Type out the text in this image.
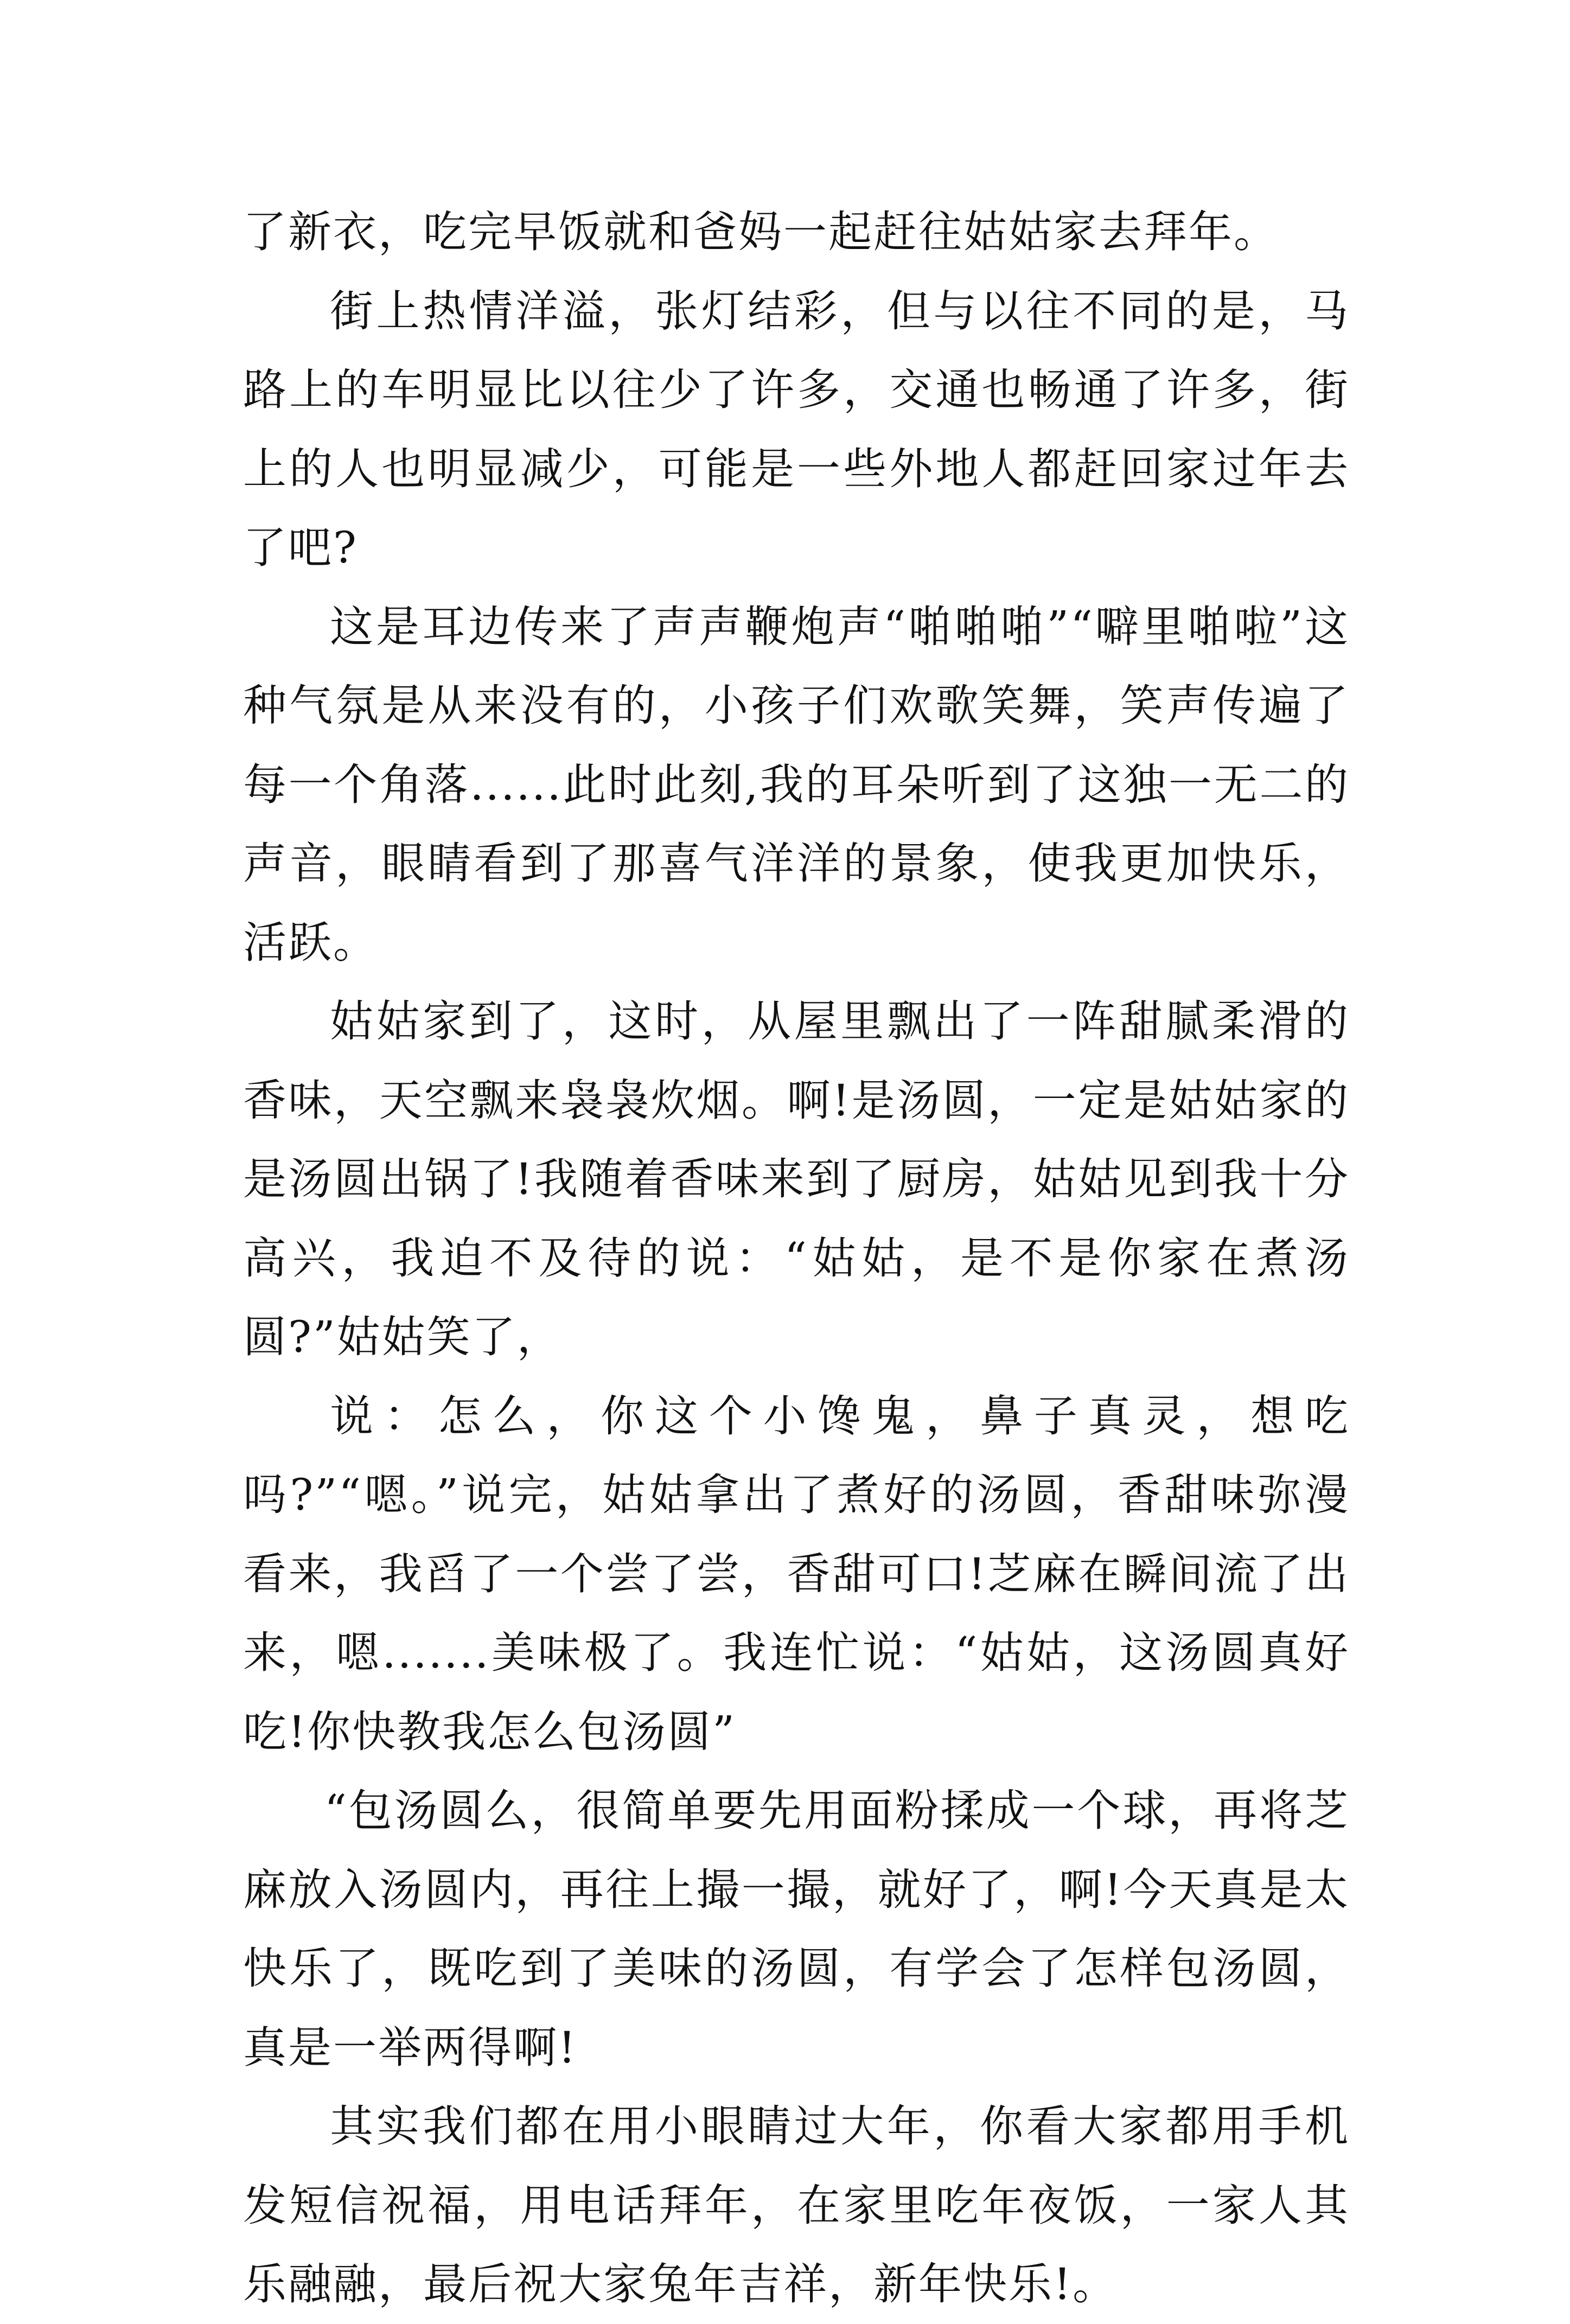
了新衣，吃完早饭就和爸妈一起赶往姑姑家去拜年。

街上热情洋溢，张灯结彩，但与以往不同的是，马路上的车明显比以往少了许多，交通也畅通了许多，街上的人也明显减少，可能是一些外地人都赶回家过年去了吧?

这是耳边传来了声声鞭炮声“啪啪啪”“噼里啪啦”这种气氛是从来没有的，小孩子们欢歌笑舞，笑声传遍了每一个角落......此时此刻,我的耳朵听到了这独一无二的声音，眼睛看到了那喜气洋洋的景象，使我更加快乐，活跃。

姑姑家到了，这时，从屋里飘出了一阵甜腻柔滑的香味，天空飘来袅袅炊烟。啊!是汤圆，一定是姑姑家的是汤圆出锅了!我随着香味来到了厨房，姑姑见到我十分高兴，我迫不及待的说：“姑姑，是不是你家在煮汤圆?”姑姑笑了，

说：怎么，你这个小馋鬼，鼻子真灵，想吃吗?”“嗯。”说完，姑姑拿出了煮好的汤圆，香甜味弥漫看来，我舀了一个尝了尝，香甜可口!芝麻在瞬间流了出来，嗯.......美味极了。我连忙说：“姑姑，这汤圆真好吃!你快教我怎么包汤圆”

“包汤圆么，很简单要先用面粉揉成一个球，再将芝麻放入汤圆内，再往上撮一撮，就好了，啊!今天真是太快乐了，既吃到了美味的汤圆，有学会了怎样包汤圆，真是一举两得啊!

其实我们都在用小眼睛过大年，你看大家都用手机发短信祝福，用电话拜年，在家里吃年夜饭，一家人其乐融融，最后祝大家兔年吉祥，新年快乐!。
